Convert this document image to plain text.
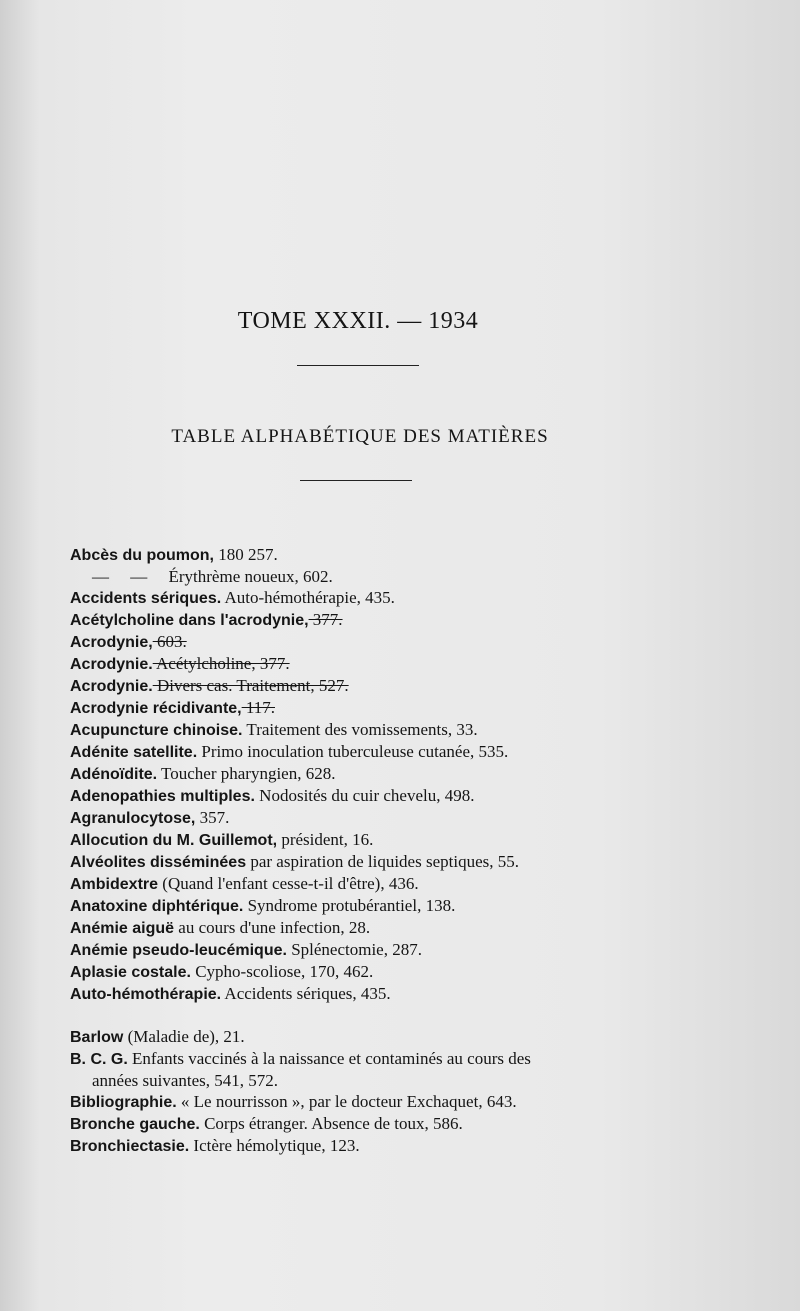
TOME XXXII. — 1934
TABLE ALPHABÉTIQUE DES MATIÈRES
Abcès du poumon, 180 257.
—     —     Érythrème noueux, 602.
Accidents sériques. Auto-hémothérapie, 435.
Acétylcholine dans l'acrodynie, 377.
Acrodynie, 603.
Acrodynie. Acétylcholine, 377.
Acrodynie. Divers cas. Traitement, 527.
Acrodynie récidivante, 117.
Acupuncture chinoise. Traitement des vomissements, 33.
Adénite satellite. Primo inoculation tuberculeuse cutanée, 535.
Adénoïdite. Toucher pharyngien, 628.
Adenopathies multiples. Nodosités du cuir chevelu, 498.
Agranulocytose, 357.
Allocution du M. Guillemot, président, 16.
Alvéolites disséminées par aspiration de liquides septiques, 55.
Ambidextre (Quand l'enfant cesse-t-il d'être), 436.
Anatoxine diphtérique. Syndrome protubérantiel, 138.
Anémie aiguë au cours d'une infection, 28.
Anémie pseudo-leucémique. Splénectomie, 287.
Aplasie costale. Cypho-scoliose, 170, 462.
Auto-hémothérapie. Accidents sériques, 435.
Barlow (Maladie de), 21.
B. C. G. Enfants vaccinés à la naissance et contaminés au cours des
années suivantes, 541, 572.
Bibliographie. « Le nourrisson », par le docteur Exchaquet, 643.
Bronche gauche. Corps étranger. Absence de toux, 586.
Bronchiectasie. Ictère hémolytique, 123.
